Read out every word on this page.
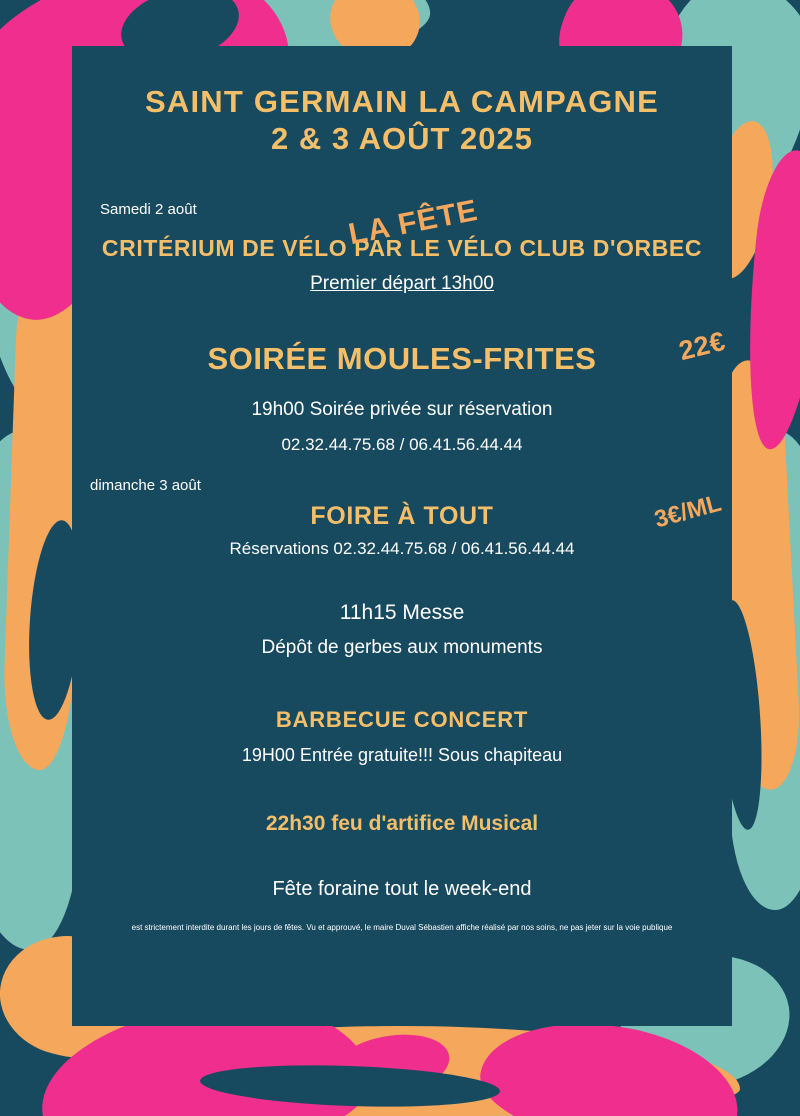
SAINT GERMAIN LA CAMPAGNE
2 & 3 AOÛT 2025
LA FÊTE
Samedi 2 août
CRITÉRIUM DE VÉLO PAR LE VÉLO CLUB D'ORBEC
Premier départ 13h00
SOIRÉE MOULES-FRITES	22€
19h00 Soirée privée sur réservation
02.32.44.75.68 / 06.41.56.44.44
dimanche 3 août
FOIRE À TOUT	3€/ML
Réservations 02.32.44.75.68 / 06.41.56.44.44
11h15 Messe
Dépôt de gerbes aux monuments
BARBECUE CONCERT
19H00 Entrée gratuite!!! Sous chapiteau
22h30 feu d'artifice Musical
Fête foraine tout le week-end
est strictement interdite durant les jours de fêtes. Vu et approuvé, le maire Duval Sébastien affiche réalisé par nos soins, ne pas jeter sur la voie publique
